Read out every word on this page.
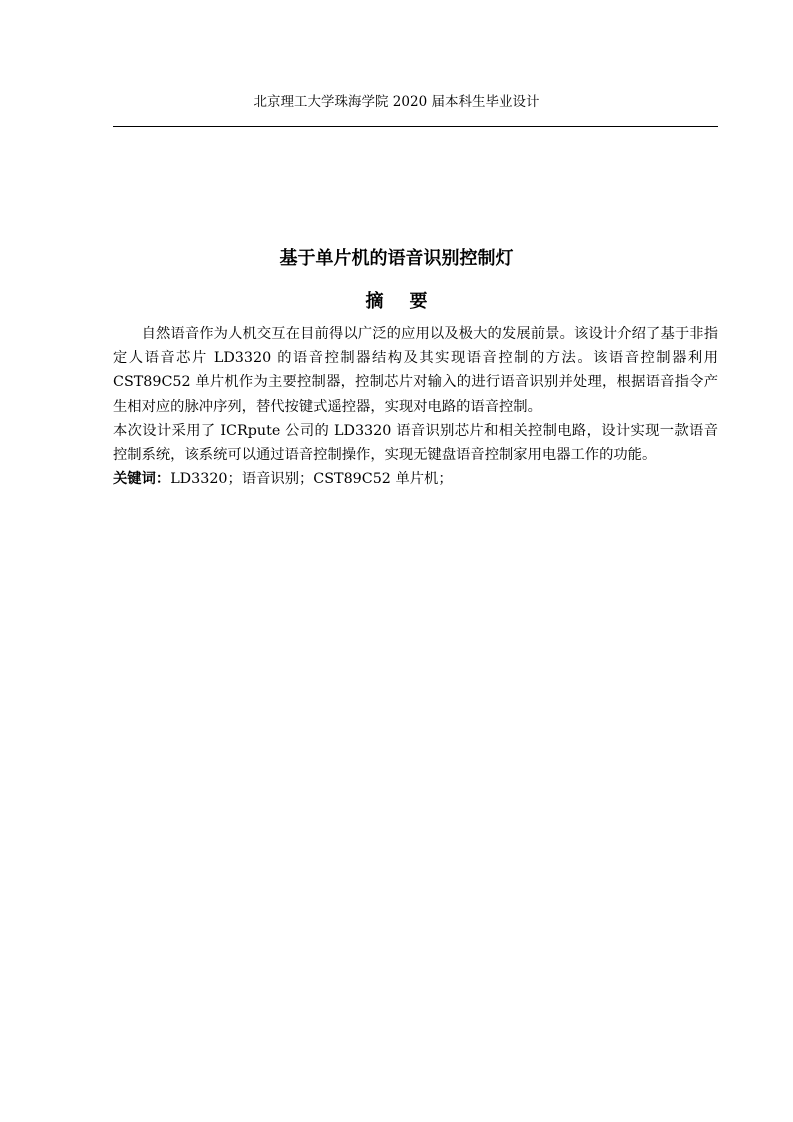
北京理工大学珠海学院 2020 届本科生毕业设计
基于单片机的语音识别控制灯
摘要

自然语音作为人机交互在目前得以广泛的应用以及极大的发展前景。该设计介绍了基于非指定人语音芯片 LD3320 的语音控制器结构及其实现语音控制的方法。该语音控制器利用 CST89C52 单片机作为主要控制器，控制芯片对输入的进行语音识别并处理，根据语音指令产生相对应的脉冲序列，替代按键式遥控器，实现对电路的语音控制。

本次设计采用了 ICRpute 公司的 LD3320 语音识别芯片和相关控制电路，设计实现一款语音控制系统，该系统可以通过语音控制操作，实现无键盘语音控制家用电器工作的功能。

关键词：LD3320；语音识别；CST89C52 单片机；
